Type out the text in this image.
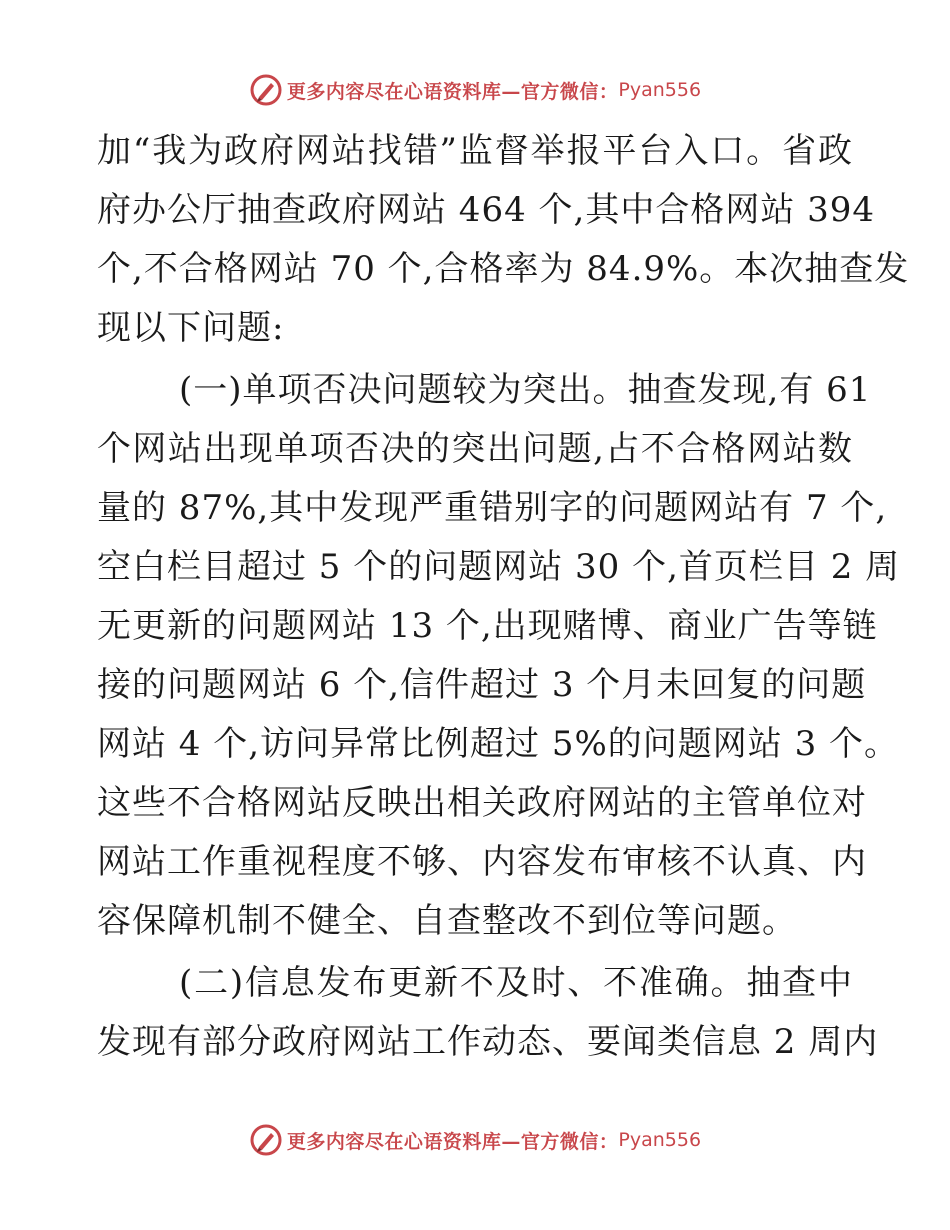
更多内容尽在心语资料库—官方微信： Pyan556
加“我为政府网站找错”监督举报平台入口。省政
府办公厅抽查政府网站 464 个,其中合格网站 394
个,不合格网站 70 个,合格率为 84.9%。本次抽查发
现以下问题:
(一)单项否决问题较为突出。抽查发现,有 61
个网站出现单项否决的突出问题,占不合格网站数
量的 87%,其中发现严重错别字的问题网站有 7 个,
空白栏目超过 5 个的问题网站 30 个,首页栏目 2 周
无更新的问题网站 13 个,出现赌博、商业广告等链
接的问题网站 6 个,信件超过 3 个月未回复的问题
网站 4 个,访问异常比例超过 5%的问题网站 3 个。
这些不合格网站反映出相关政府网站的主管单位对
网站工作重视程度不够、内容发布审核不认真、内
容保障机制不健全、自查整改不到位等问题。
(二)信息发布更新不及时、不准确。抽查中
发现有部分政府网站工作动态、要闻类信息 2 周内
更多内容尽在心语资料库—官方微信： Pyan556
